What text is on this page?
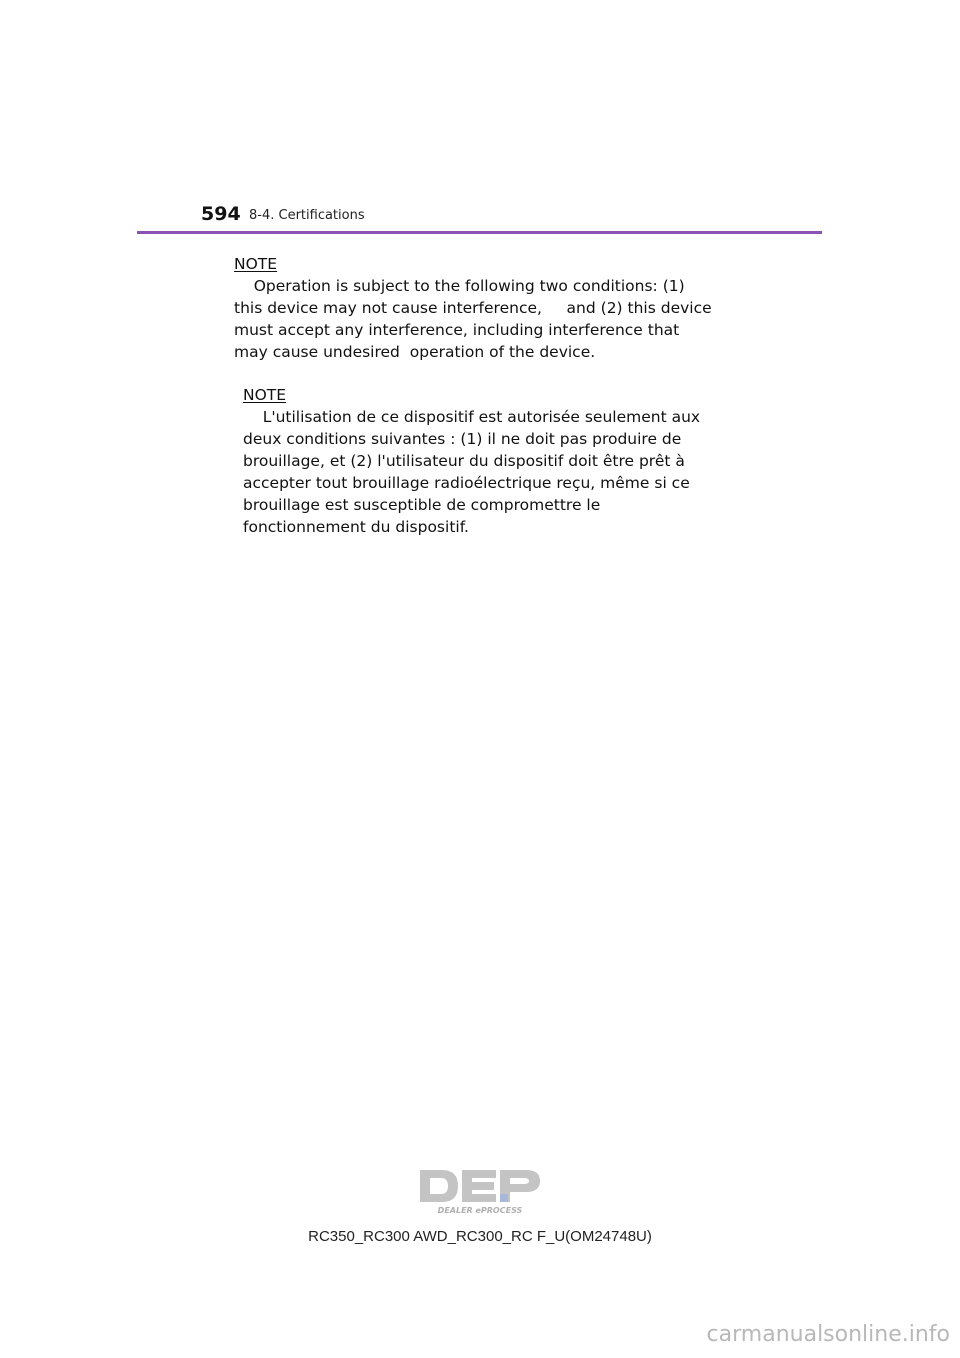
594 8-4. Certifications
NOTE
Operation is subject to the following two conditions: (1)
this device may not cause interference,     and (2) this device
must accept any interference, including interference that
may cause undesired  operation of the device.
NOTE
L'utilisation de ce dispositif est autorisée seulement aux
deux conditions suivantes : (1) il ne doit pas produire de
brouillage, et (2) l'utilisateur du dispositif doit être prêt à
accepter tout brouillage radioélectrique reçu, même si ce
brouillage est susceptible de compromettre le
fonctionnement du dispositif.
DEALER ePROCESS
RC350_RC300 AWD_RC300_RC F_U(OM24748U)
carmanualsonline.info
